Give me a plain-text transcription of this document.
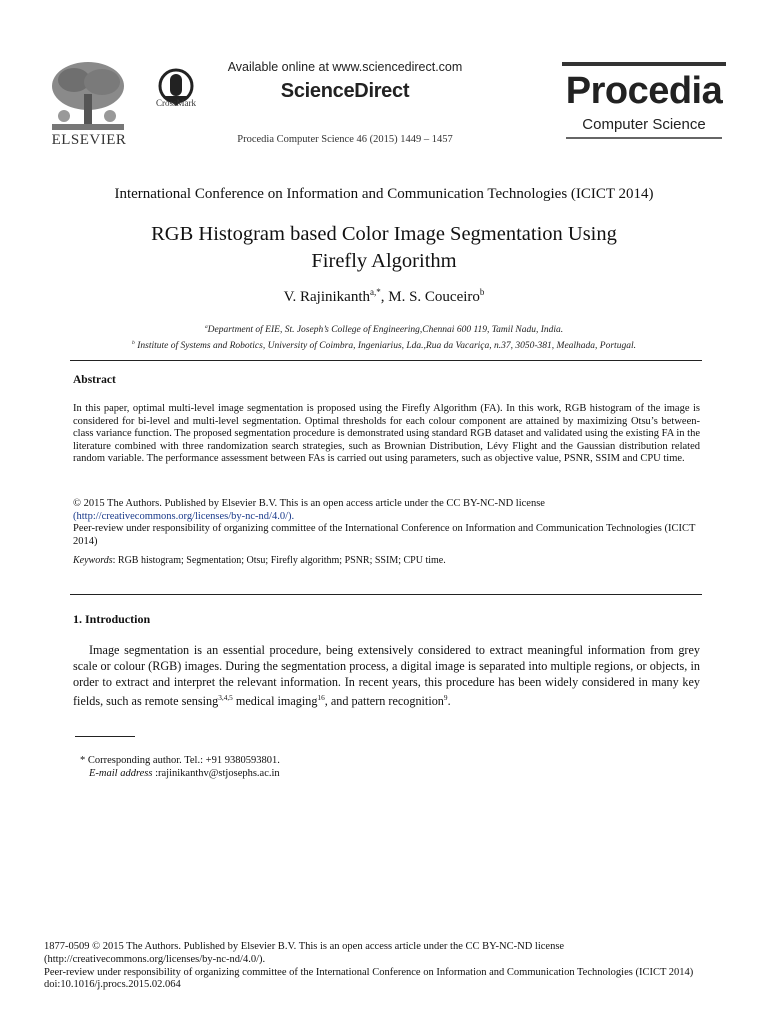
ELSEVIER
CrossMark
Available online at www.sciencedirect.com
ScienceDirect
Procedia Computer Science 46 (2015) 1449 – 1457
Procedia
Computer Science
International Conference on Information and Communication Technologies (ICICT 2014)
RGB Histogram based Color Image Segmentation Using
Firefly Algorithm
V. Rajinikanth$^{a,*}$, M. S. Couceiro$^b$
$^a$Department of EIE, St. Joseph’s College of Engineering,Chennai 600 119, Tamil Nadu, India.
$^b$ Institute of Systems and Robotics, University of Coimbra, Ingeniarius, Lda.,Rua da Vacariça, n.37, 3050-381, Mealhada, Portugal.
Abstract
In this paper, optimal multi-level image segmentation is proposed using the Firefly Algorithm (FA). In this work, RGB histogram of the image is considered for bi-level and multi-level segmentation. Optimal thresholds for each colour component are attained by maximizing Otsu’s between-class variance function. The proposed segmentation procedure is demonstrated using standard RGB dataset and validated using the existing FA in the literature combined with three randomization search strategies, such as Brownian Distribution, Lévy Flight and the Gaussian distribution related random variable. The performance assessment between FAs is carried out using parameters, such as objective value, PSNR, SSIM and CPU time.
© 2015 The Authors. Published by Elsevier B.V. This is an open access article under the CC BY-NC-ND license
(http://creativecommons.org/licenses/by-nc-nd/4.0/).
Peer-review under responsibility of organizing committee of the International Conference on Information and Communication Technologies (ICICT 2014)
Keywords: RGB histogram; Segmentation; Otsu; Firefly algorithm; PSNR; SSIM; CPU time.
1. Introduction
Image segmentation is an essential procedure, being extensively considered to extract meaningful information from grey scale or colour (RGB) images. During the segmentation process, a digital image is separated into multiple regions, or objects, in order to extract and interpret the relevant information. In recent years, this procedure has been widely considered in many key fields, such as remote sensing$^{3,4,5}$ medical imaging$^{16}$, and pattern recognition$^9$.
* Corresponding author. Tel.: +91 9380593801.
E-mail address :rajinikanthv@stjosephs.ac.in
1877-0509 © 2015 The Authors. Published by Elsevier B.V. This is an open access article under the CC BY-NC-ND license
(http://creativecommons.org/licenses/by-nc-nd/4.0/).
Peer-review under responsibility of organizing committee of the International Conference on Information and Communication Technologies (ICICT 2014)
doi:10.1016/j.procs.2015.02.064
